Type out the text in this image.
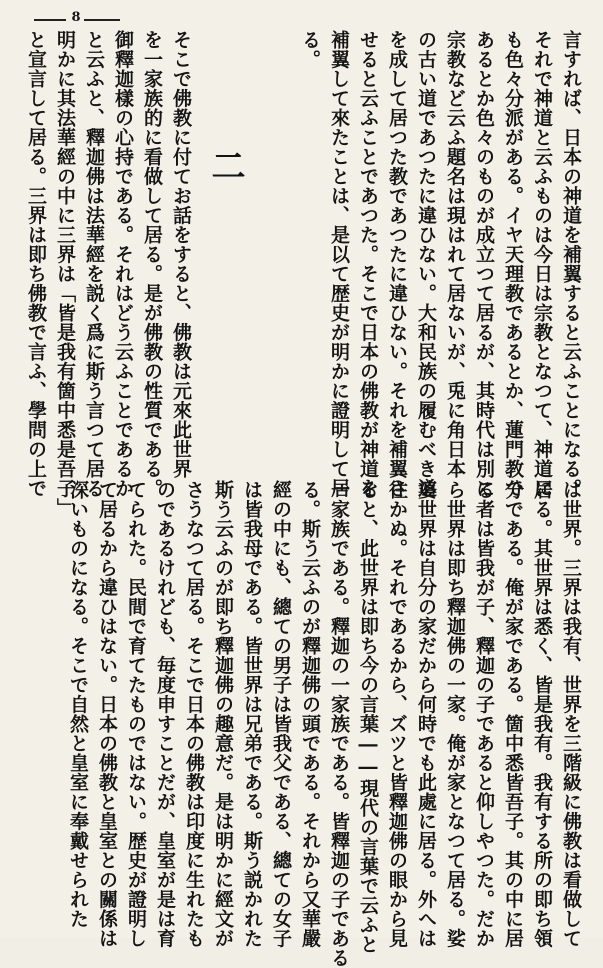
8

言すれば、日本の神道を補翼すると云ふことになる。

それで神道と云ふものは今日は宗教となつて、神道に

も色々分派がある。イヤ天理教であるとか、蓮門教で

あるとか色々のものが成立つて居るが、其時代は別に

宗教など云ふ題名は現はれて居ないが、兎に角日本

の古い道であつたに違ひない。大和民族の履むべき道

を成して居つた教であつたに違ひない。それを補翼さ

せると云ふことであつた。そこで日本の佛教が神道を

補翼して來たことは、是以て歴史が明かに證明して居

る。

二

そこで佛教に付てお話をすると、佛教は元來此世界

を一家族的に看做して居る。是が佛教の性質である。

御釋迦樣の心持である。それはどう云ふことであるか

と云ふと、釋迦佛は法華經を説く爲に斯う言つて居る

明かに其法華經の中に三界は「皆是我有箇中悉是吾子」

と宣言して居る。三界は即ち佛教で言ふ、學問の上で

は世界。三界は我有、世界を三階級に佛教は看做して

居る。其世界は悉く、皆是我有。我有する所の即ち領

分である。俺が家である。箇中悉皆吾子。其の中に居

る者は皆我が子、釋迦の子であると仰しやつた。だか

ら世界は即ち釋迦佛の一家。俺が家となつて居る。娑

婆世界は自分の家だから何時でも此處に居る。外へは

往かぬ。それであるから、ズツと皆釋迦佛の眼から見

ると、此世界は即ち今の言葉――現代の言葉で云ふと

一家族である。釋迦の一家族である。皆釋迦の子である

る。斯う云ふのが釋迦佛の頭である。それから又華嚴

經の中にも、總ての男子は皆我父である、總ての女子

は皆我母である。皆世界は兄弟である。斯う説かれた

斯う云ふのが即ち釋迦佛の趣意だ。是は明かに經文が

さうなつて居る。そこで日本の佛教は印度に生れたも

のであるけれども、毎度申すことだが、皇室が是は育

てられた。民間で育てたものではない。歴史が證明し

て居るから違ひはない。日本の佛教と皇室との關係は

深いものになる。そこで自然と皇室に奉戴せられた
